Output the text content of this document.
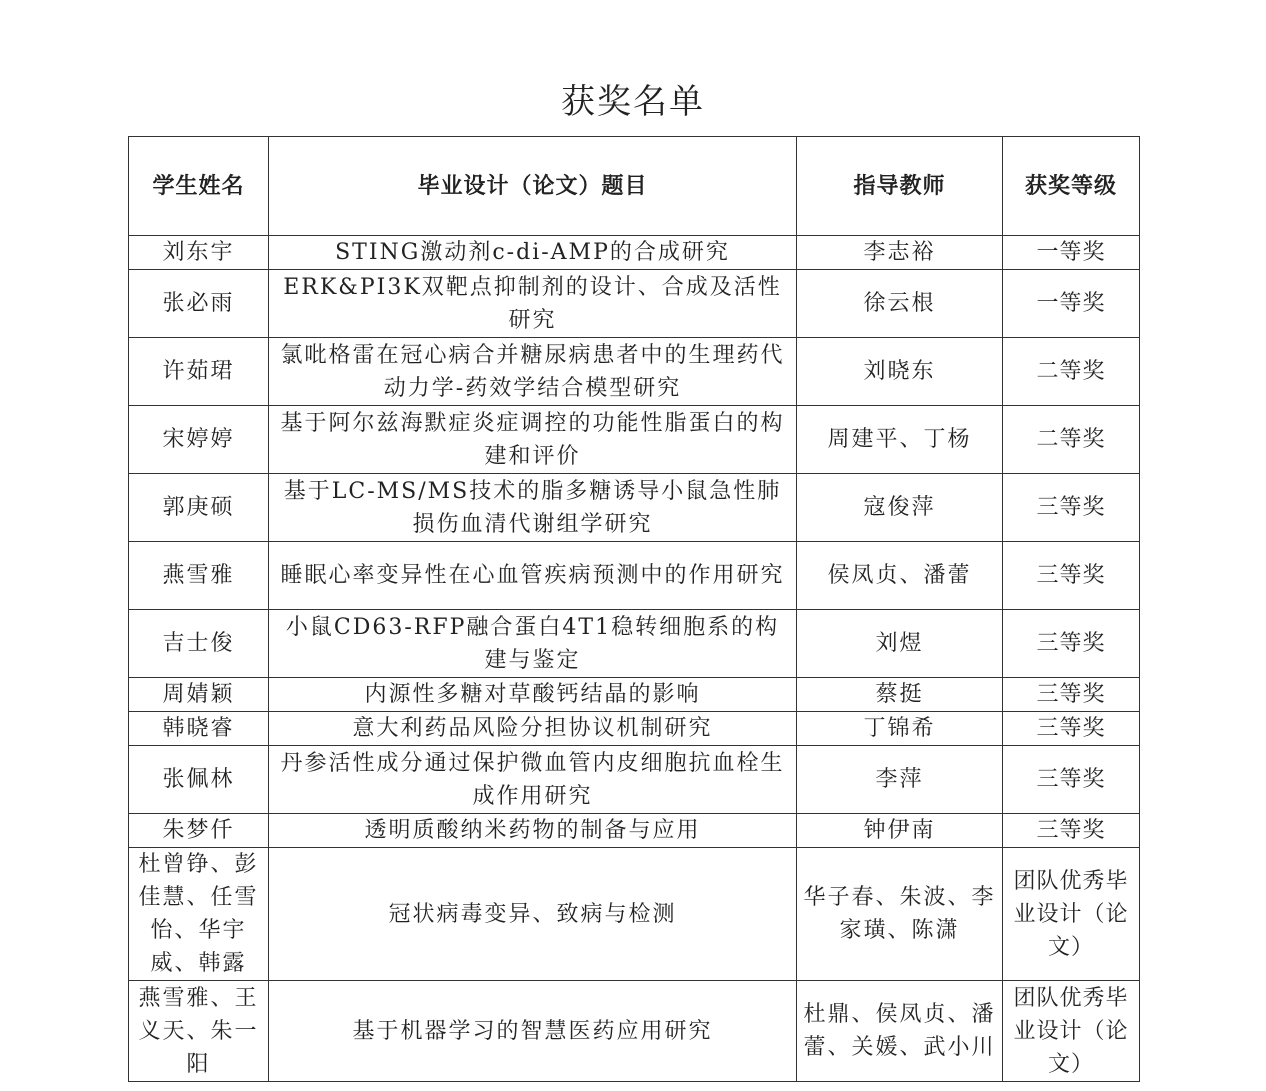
获奖名单
学生姓名	毕业设计（论文）题目	指导教师	获奖等级
刘东宇	STING激动剂c-di-AMP的合成研究	李志裕	一等奖
张必雨	ERK&PI3K双靶点抑制剂的设计、合成及活性研究	徐云根	一等奖
许茹珺	氯吡格雷在冠心病合并糖尿病患者中的生理药代动力学-药效学结合模型研究	刘晓东	二等奖
宋婷婷	基于阿尔兹海默症炎症调控的功能性脂蛋白的构建和评价	周建平、丁杨	二等奖
郭庚硕	基于LC-MS/MS技术的脂多糖诱导小鼠急性肺损伤血清代谢组学研究	寇俊萍	三等奖
燕雪雅	睡眠心率变异性在心血管疾病预测中的作用研究	侯凤贞、潘蕾	三等奖
吉士俊	小鼠CD63-RFP融合蛋白4T1稳转细胞系的构建与鉴定	刘煜	三等奖
周婧颖	内源性多糖对草酸钙结晶的影响	蔡挺	三等奖
韩晓睿	意大利药品风险分担协议机制研究	丁锦希	三等奖
张佩林	丹参活性成分通过保护微血管内皮细胞抗血栓生成作用研究	李萍	三等奖
朱梦仟	透明质酸纳米药物的制备与应用	钟伊南	三等奖
杜曾铮、彭佳慧、任雪怡、华宇威、韩露	冠状病毒变异、致病与检测	华子春、朱波、李家璜、陈潇	团队优秀毕业设计（论文）
燕雪雅、王义天、朱一阳	基于机器学习的智慧医药应用研究	杜鼎、侯凤贞、潘蕾、关媛、武小川	团队优秀毕业设计（论文）
